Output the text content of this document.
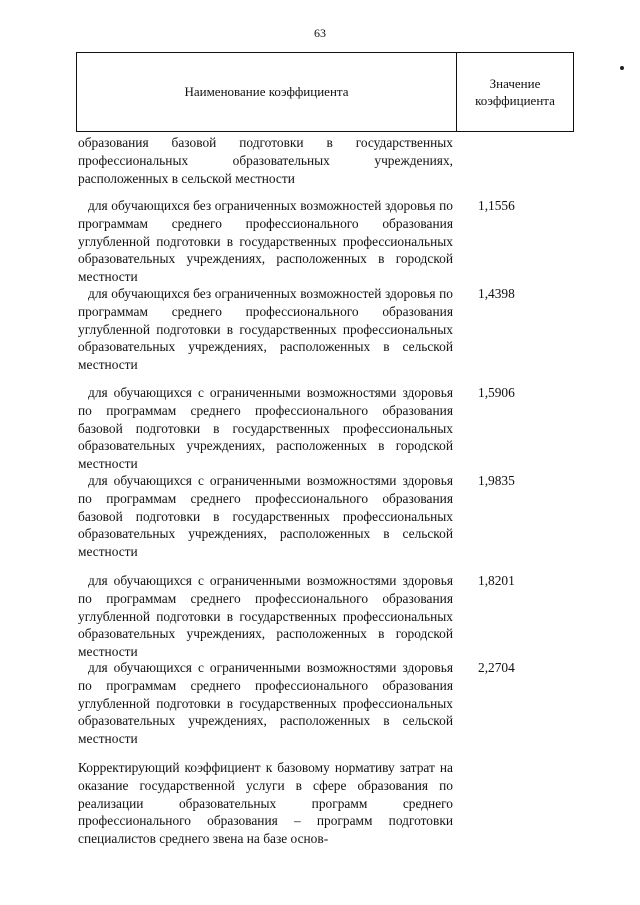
63
Наименование коэффициента
Значение
коэффициента
образования базовой подготовки в государственных профессиональных образовательных учреждениях, расположенных в сельской местности
для обучающихся без ограниченных возможностей здоровья по программам среднего профессионального образования углубленной подготовки в государственных профессиональных образовательных учреждениях, расположенных в городской местности
1,1556
для обучающихся без ограниченных возможностей здоровья по программам среднего профессионального образования углубленной подготовки в государственных профессиональных образовательных учреждениях, расположенных в сельской местности
1,4398
для обучающихся с ограниченными возможностями здоровья по программам среднего профессионального образования базовой подготовки в государственных профессиональных образовательных учреждениях, расположенных в городской местности
1,5906
для обучающихся с ограниченными возможностями здоровья по программам среднего профессионального образования базовой подготовки в государственных профессиональных образовательных учреждениях, расположенных в сельской местности
1,9835
для обучающихся с ограниченными возможностями здоровья по программам среднего профессионального образования углубленной подготовки в государственных профессиональных образовательных учреждениях, расположенных в городской местности
1,8201
для обучающихся с ограниченными возможностями здоровья по программам среднего профессионального образования углубленной подготовки в государственных профессиональных образовательных учреждениях, расположенных в сельской местности
2,2704
Корректирующий коэффициент к базовому нормативу затрат на оказание государственной услуги в сфере образования по реализации образовательных программ среднего профессионального образования – программ подготовки специалистов среднего звена на базе основ-
